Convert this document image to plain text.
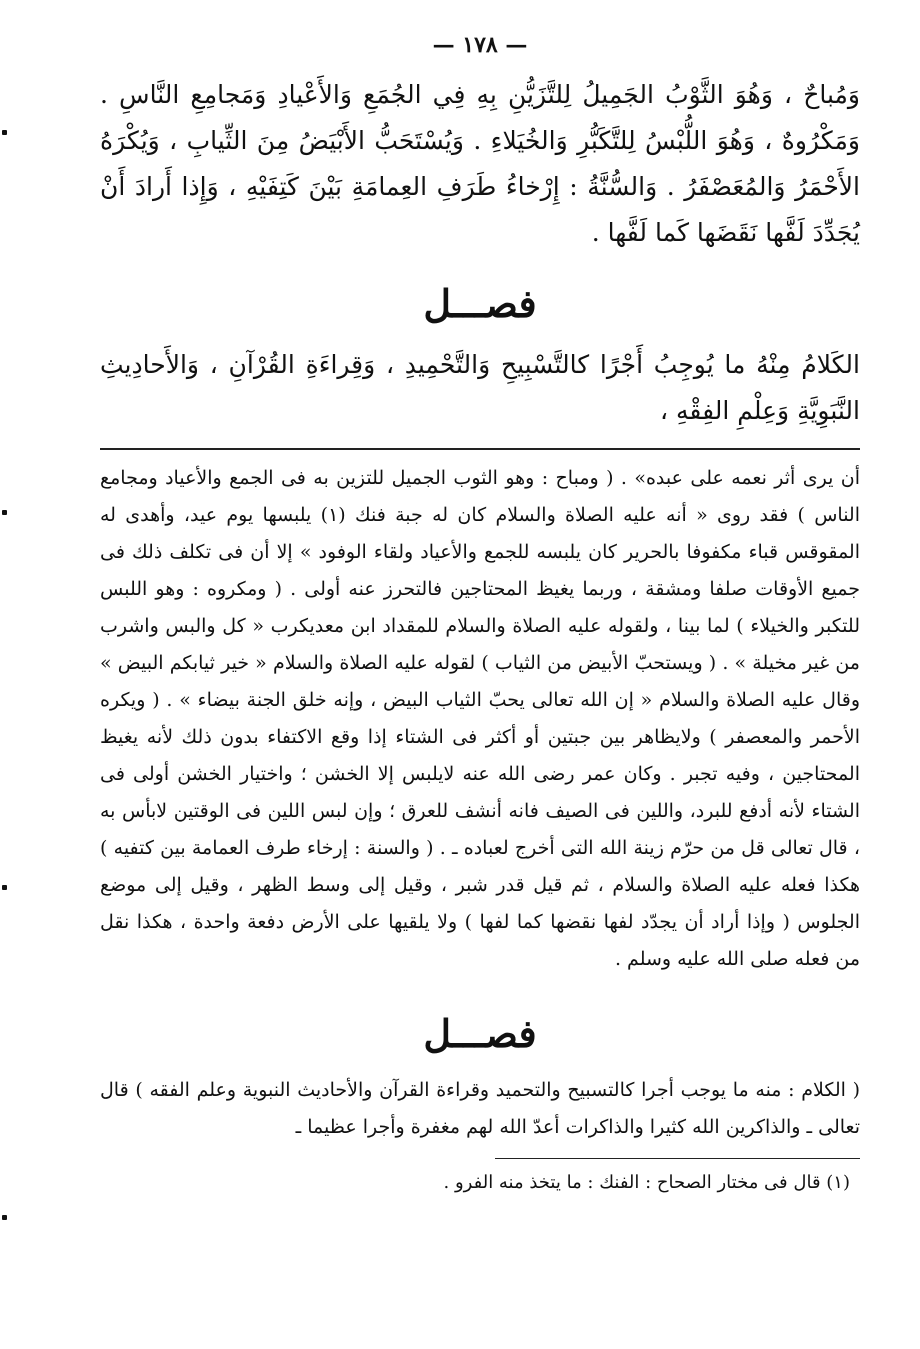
— ١٧٨ —

وَمُباحٌ ، وَهُوَ الثَّوْبُ الجَمِيلُ لِلتَّزَيُّنِ بِهِ فِي الجُمَعِ وَالأَعْيادِ وَمَجامِعِ النَّاسِ . وَمَكْرُوهٌ ، وَهُوَ اللُّبْسُ لِلتَّكَبُّرِ وَالخُيَلاءِ . وَيُسْتَحَبُّ الأَبْيَضُ مِنَ الثِّيابِ ، وَيُكْرَهُ الأَحْمَرُ وَالمُعَصْفَرُ . وَالسُّنَّةُ : إِرْخاءُ طَرَفِ العِمامَةِ بَيْنَ كَتِفَيْهِ ، وَإِذا أَرادَ أَنْ يُجَدِّدَ لَفَّها نَقَضَها كَما لَفَّها .

فصـــل

الكَلامُ مِنْهُ ما يُوجِبُ أَجْرًا كالتَّسْبِيحِ وَالتَّحْمِيدِ ، وَقِراءَةِ القُرْآنِ ، وَالأَحادِيثِ النَّبَوِيَّةِ وَعِلْمِ الفِقْهِ ،

أن يرى أثر نعمه على عبده» . ( ومباح : وهو الثوب الجميل للتزين به فى الجمع والأعياد ومجامع الناس ) فقد روى « أنه عليه الصلاة والسلام كان له جبة فنك (١) يلبسها يوم عيد، وأهدى له المقوقس قباء مكفوفا بالحرير كان يلبسه للجمع والأعياد ولقاء الوفود » إلا أن فى تكلف ذلك فى جميع الأوقات صلفا ومشقة ، وربما يغيظ المحتاجين فالتحرز عنه أولى . ( ومكروه : وهو اللبس للتكبر والخيلاء ) لما بينا ، ولقوله عليه الصلاة والسلام للمقداد ابن معديكرب « كل والبس واشرب من غير مخيلة » . ( ويستحبّ الأبيض من الثياب ) لقوله عليه الصلاة والسلام « خير ثيابكم البيض » وقال عليه الصلاة والسلام « إن الله تعالى يحبّ الثياب البيض ، وإنه خلق الجنة بيضاء » . ( ويكره الأحمر والمعصفر ) ولايظاهر بين جبتين أو أكثر فى الشتاء إذا وقع الاكتفاء بدون ذلك لأنه يغيظ المحتاجين ، وفيه تجبر . وكان عمر رضى الله عنه لايلبس إلا الخشن ؛ واختيار الخشن أولى فى الشتاء لأنه أدفع للبرد، واللين فى الصيف فانه أنشف للعرق ؛ وإن لبس اللين فى الوقتين لابأس به ، قال تعالى قل من حرّم زينة الله التى أخرج لعباده ـ . ( والسنة : إرخاء طرف العمامة بين كتفيه ) هكذا فعله عليه الصلاة والسلام ، ثم قيل قدر شبر ، وقيل إلى وسط الظهر ، وقيل إلى موضع الجلوس ( وإذا أراد أن يجدّد لفها نقضها كما لفها ) ولا يلقيها على الأرض دفعة واحدة ، هكذا نقل من فعله صلى الله عليه وسلم .

فصـــل

( الكلام : منه ما يوجب أجرا كالتسبيح والتحميد وقراءة القرآن والأحاديث النبوية وعلم الفقه ) قال تعالى ـ والذاكرين الله كثيرا والذاكرات أعدّ الله لهم مغفرة وأجرا عظيما ـ

(١) قال فى مختار الصحاح : الفنك : ما يتخذ منه الفرو .
